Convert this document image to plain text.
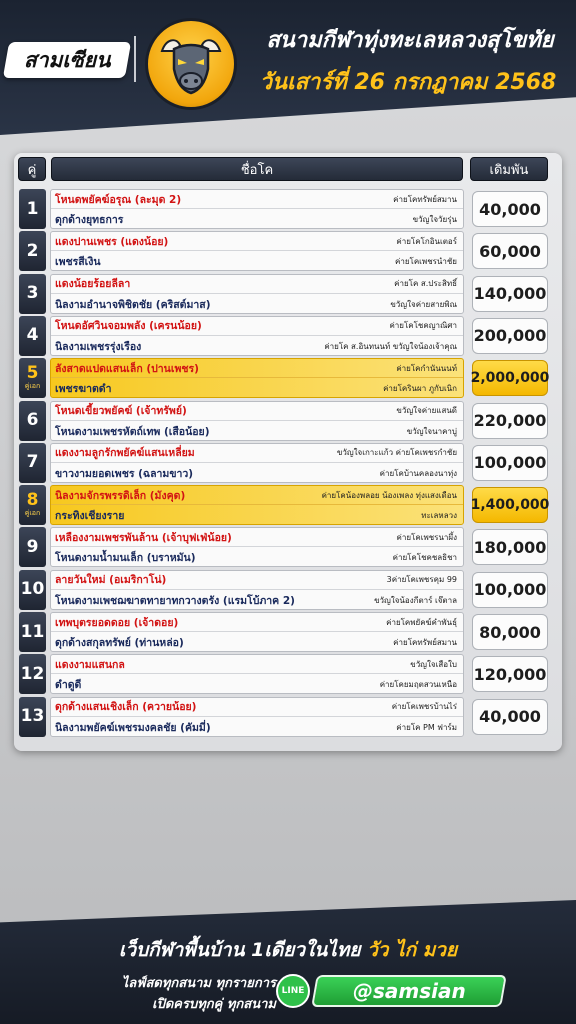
สามเซียน
สนามกีฬาทุ่งทะเลหลวงสุโขทัย
วันเสาร์ที่ 26 กรกฎาคม 2568
คู่	ชื่อโค	เดิมพัน
1 โหนดพยัคฆ์อรุณ (ละมุด 2)	ค่ายโคทรัพย์สมาน
ดุกด้างยุทธการ	ขวัญใจวัยรุ่น
40,000
2 แดงปานเพชร (แดงน้อย)	ค่ายโคโกอินเตอร์
เพชรสีเงิน	ค่ายโคเพชรนำชัย
60,000
3 แดงน้อยร้อยลีลา	ค่ายโค ส.ประสิทธิ์
นิลงามอำนาจพิชิตชัย (คริสต์มาส)	ขวัญใจค่ายสายพิณ
140,000
4 โหนดอัศวินจอมพลัง (เครนน้อย)	ค่ายโคโชคญาณิศา
นิลงามเพชรรุ่งเรือง	ค่ายโค ส.อินทนนท์ ขวัญใจน้องเจ้าคุณ
200,000
5
คู่เอก
ลังสาดแปดแสนเล็ก (ปานเพชร)	ค่ายโคกำนันนนท์
เพชรฆาตดำ	ค่ายโครินผา ภูกับเนิก
2,000,000
6 โหนดเขี้ยวพยัคฆ์ (เจ้าทรัพย์)	ขวัญใจค่ายแสนดี
โหนดงามเพชรหัตถ์เทพ (เสือน้อย)	ขวัญใจนาคาบู่
220,000
7 แดงงามลูกรักพยัคฆ์แสนเหลี่ยม	ขวัญใจเกาะแก้ว ค่ายโคเพชรกำชัย
ขาวงามยอดเพชร (ฉลามขาว)	ค่ายโคบ้านคลองนาทุ่ง
100,000
8
คู่เอก
นิลงามจักรพรรดิเล็ก (มังคุด)	ค่ายโคน้องพลอย น้องเพลง ทุ่งแสงเดือน
กระทิงเชียงราย	ทะเลหลวง
1,400,000
9 เหลืองงามเพชรพันล้าน (เจ้าบุฟเฟ่น้อย)	ค่ายโคเพชรนาผึ้ง
โหนดงามน้ำมนเล็ก (บราหมัน)	ค่ายโคโชคชลธิชา
180,000
10 ลายวันใหม่ (อเมริกาโน่)	3ค่ายโคเพชรคุม 99
โหนดงามเพชฌฆาตทายาทกวางตรัง (แรมโบ้ภาค 2)	ขวัญใจน้องกีตาร์ เจ๊ตาล
100,000
11 เทพบุตรยอดดอย (เจ้าดอย)	ค่ายโคพยัคฆ์คำพันธุ์
ดุกด้างสกุลทรัพย์ (ท่านหล่อ)	ค่ายโคทรัพย์สมาน
80,000
12 แดงงามแสนกล	ขวัญใจเสือใบ
ดำดูดี	ค่ายโคยมฤตสวนเหนือ
120,000
13 ดุกด้างแสนเชิงเล็ก (ควายน้อย)	ค่ายโคเพชรบ้านไร่
นิลงามพยัคฆ์เพชรมงคลชัย (คัมมี่)	ค่ายโค PM ฟาร์ม
40,000
เว็บกีฬาพื้นบ้าน 1เดียวในไทย วัว ไก่ มวย
ไลฟ์สดทุกสนาม ทุกรายการ
เปิดครบทุกคู่ ทุกสนาม
LINE @samsian
